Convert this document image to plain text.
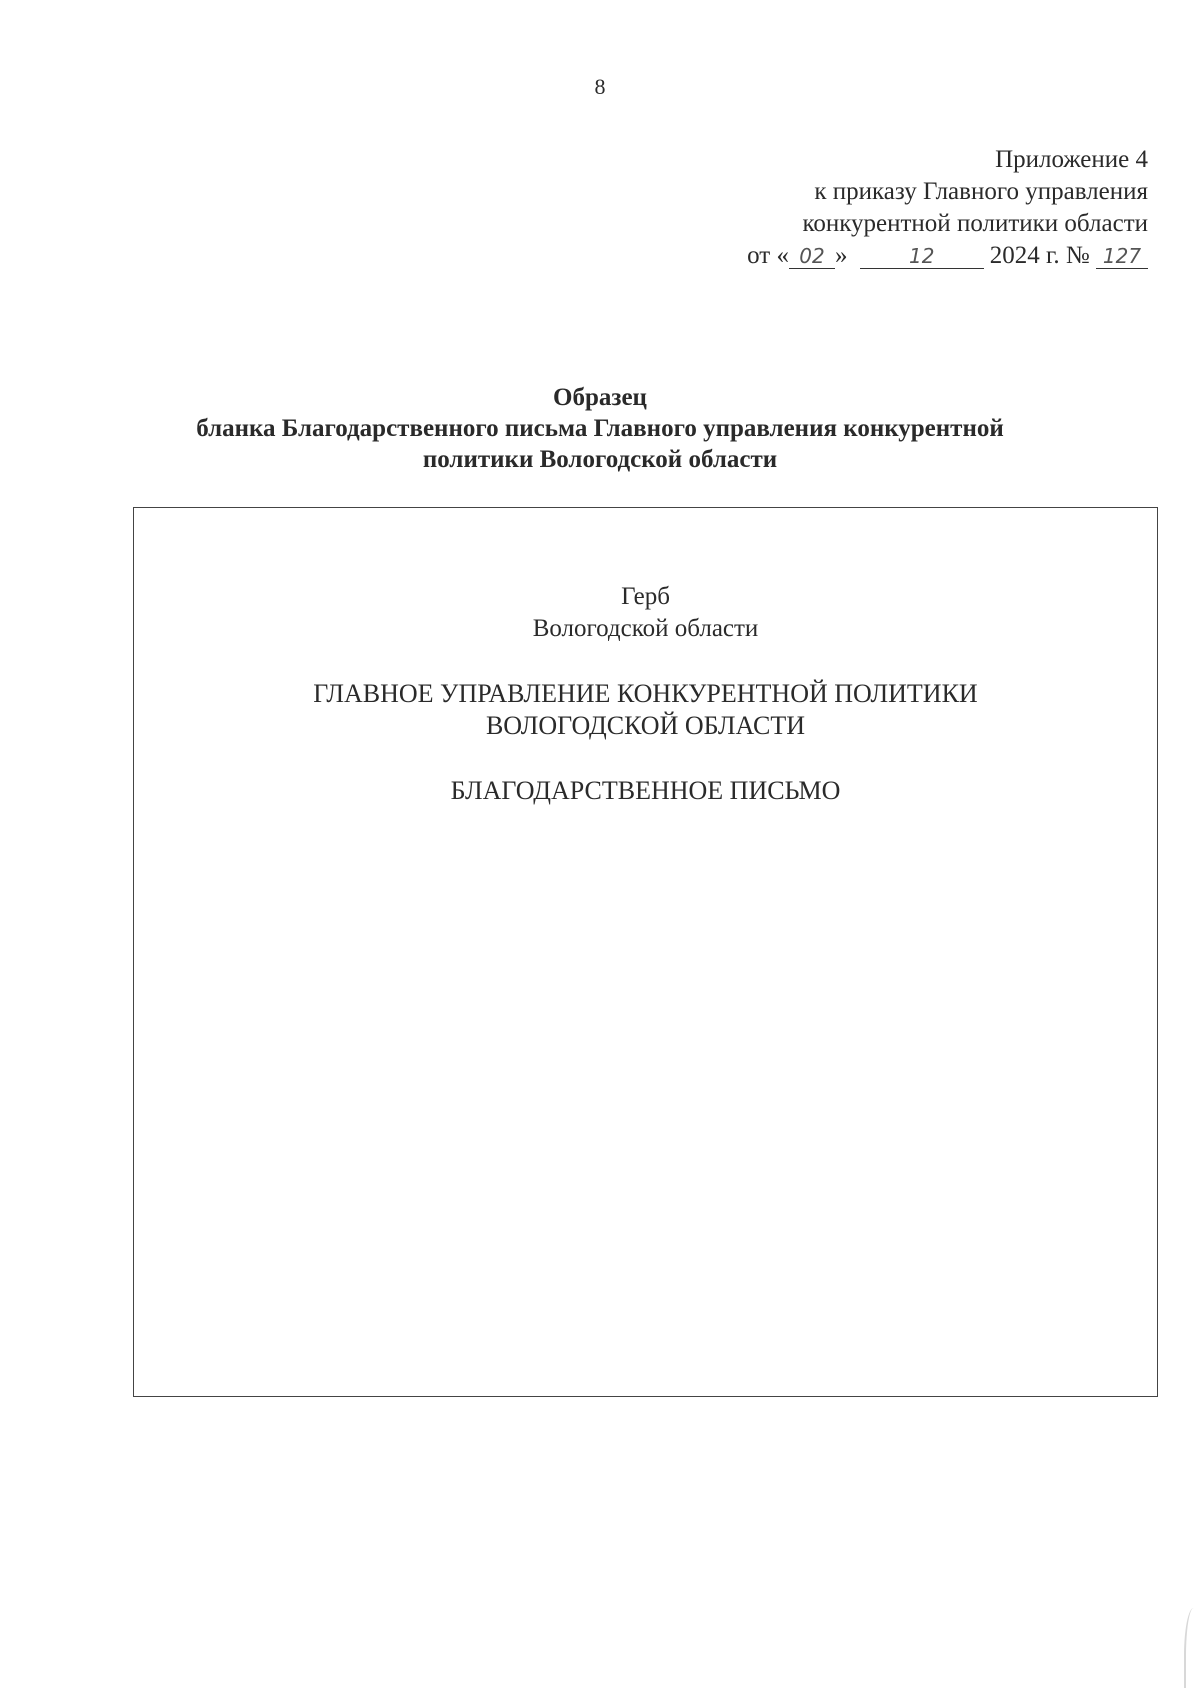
8
Приложение 4
к приказу Главного управления
конкурентной политики области
от « 02 »	12 2024 г. № 127
Образец
бланка Благодарственного письма Главного управления конкурентной
политики Вологодской области
Герб
Вологодской области
ГЛАВНОЕ УПРАВЛЕНИЕ КОНКУРЕНТНОЙ ПОЛИТИКИ
ВОЛОГОДСКОЙ ОБЛАСТИ
БЛАГОДАРСТВЕННОЕ ПИСЬМО
